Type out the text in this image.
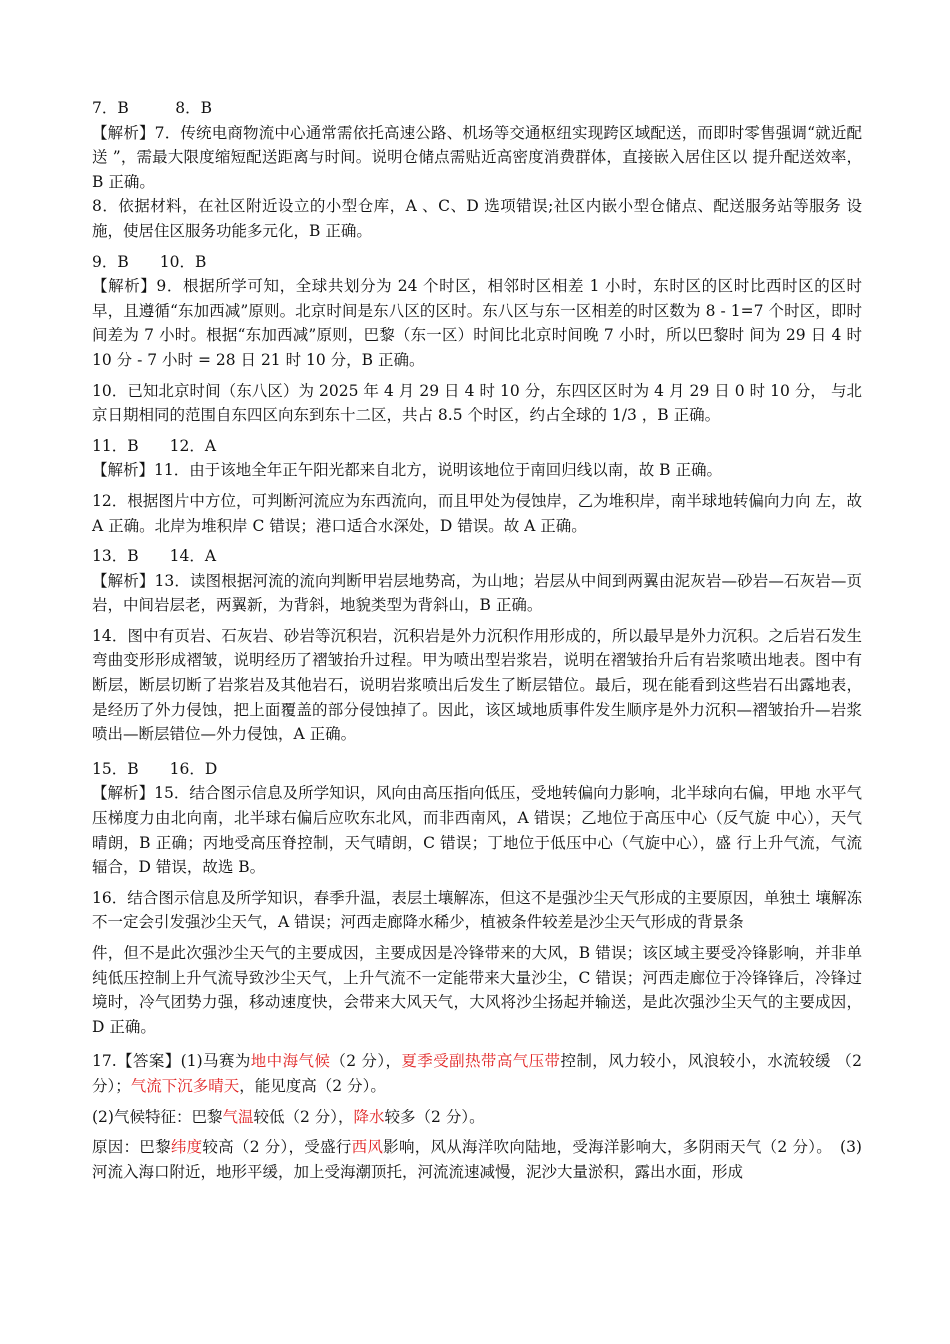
7．B　　　8．B

【解析】7．传统电商物流中心通常需依托高速公路、机场等交通枢纽实现跨区域配送，而即时零售强调“就近配送 ”，需最大限度缩短配送距离与时间。说明仓储点需贴近高密度消费群体，直接嵌入居住区以 提升配送效率，B 正确。

8．依据材料，在社区附近设立的小型仓库，A 、C、D 选项错误;社区内嵌小型仓储点、配送服务站等服务 设施，使居住区服务功能多元化，B 正确。

9．B　　10．B

【解析】9．根据所学可知，全球共划分为 24 个时区，相邻时区相差 1 小时，东时区的区时比西时区的区时早，且遵循“东加西减”原则。北京时间是东八区的区时。东八区与东一区相差的时区数为 8 - 1=7 个时区，即时间差为 7 小时。根据“东加西减”原则，巴黎（东一区）时间比北京时间晚 7 小时，所以巴黎时 间为 29 日 4 时 10 分 - 7 小时 = 28 日 21 时 10 分，B 正确。

10．已知北京时间（东八区）为 2025 年 4 月 29 日 4 时 10 分，东四区区时为 4 月 29 日 0 时 10 分， 与北京日期相同的范围自东四区向东到东十二区，共占 8.5 个时区，约占全球的 1/3 ，B 正确。

11．B　　12．A

【解析】11．由于该地全年正午阳光都来自北方，说明该地位于南回归线以南，故 B 正确。

12．根据图片中方位，可判断河流应为东西流向，而且甲处为侵蚀岸，乙为堆积岸，南半球地转偏向力向 左，故 A 正确。北岸为堆积岸 C 错误；港口适合水深处，D 错误。故 A 正确。

13．B　　14．A

【解析】13．读图根据河流的流向判断甲岩层地势高，为山地；岩层从中间到两翼由泥灰岩—砂岩—石灰岩—页岩，中间岩层老，两翼新，为背斜，地貌类型为背斜山，B 正确。

14．图中有页岩、石灰岩、砂岩等沉积岩，沉积岩是外力沉积作用形成的，所以最早是外力沉积。之后岩石发生弯曲变形形成褶皱，说明经历了褶皱抬升过程。甲为喷出型岩浆岩，说明在褶皱抬升后有岩浆喷出地表。图中有断层，断层切断了岩浆岩及其他岩石，说明岩浆喷出后发生了断层错位。最后，现在能看到这些岩石出露地表，是经历了外力侵蚀，把上面覆盖的部分侵蚀掉了。因此，该区域地质事件发生顺序是外力沉积—褶皱抬升—岩浆喷出—断层错位—外力侵蚀，A 正确。

15．B　　16．D

【解析】15．结合图示信息及所学知识，风向由高压指向低压，受地转偏向力影响，北半球向右偏，甲地 水平气压梯度力由北向南，北半球右偏后应吹东北风，而非西南风，A 错误；乙地位于高压中心（反气旋 中心），天气晴朗，B 正确；丙地受高压脊控制，天气晴朗，C 错误；丁地位于低压中心（气旋中心），盛 行上升气流，气流辐合，D 错误，故选 B。

16．结合图示信息及所学知识，春季升温，表层土壤解冻，但这不是强沙尘天气形成的主要原因，单独土 壤解冻不一定会引发强沙尘天气，A 错误；河西走廊降水稀少，植被条件较差是沙尘天气形成的背景条

件，但不是此次强沙尘天气的主要成因，主要成因是冷锋带来的大风，B 错误；该区域主要受冷锋影响，并非单纯低压控制上升气流导致沙尘天气，上升气流不一定能带来大量沙尘，C 错误；河西走廊位于冷锋锋后，冷锋过境时，冷气团势力强，移动速度快，会带来大风天气，大风将沙尘扬起并输送，是此次强沙尘天气的主要成因，D 正确。

17.【答案】(1)马赛为地中海气候（2 分），夏季受副热带高气压带控制，风力较小，风浪较小，水流较缓 （2 分）；气流下沉多晴天，能见度高（2 分）。

(2)气候特征：巴黎气温较低（2 分），降水较多（2 分）。

原因：巴黎纬度较高（2 分），受盛行西风影响，风从海洋吹向陆地，受海洋影响大，多阴雨天气（2 分）。　(3)河流入海口附近，地形平缓，加上受海潮顶托，河流流速减慢，泥沙大量淤积，露出水面，形成
